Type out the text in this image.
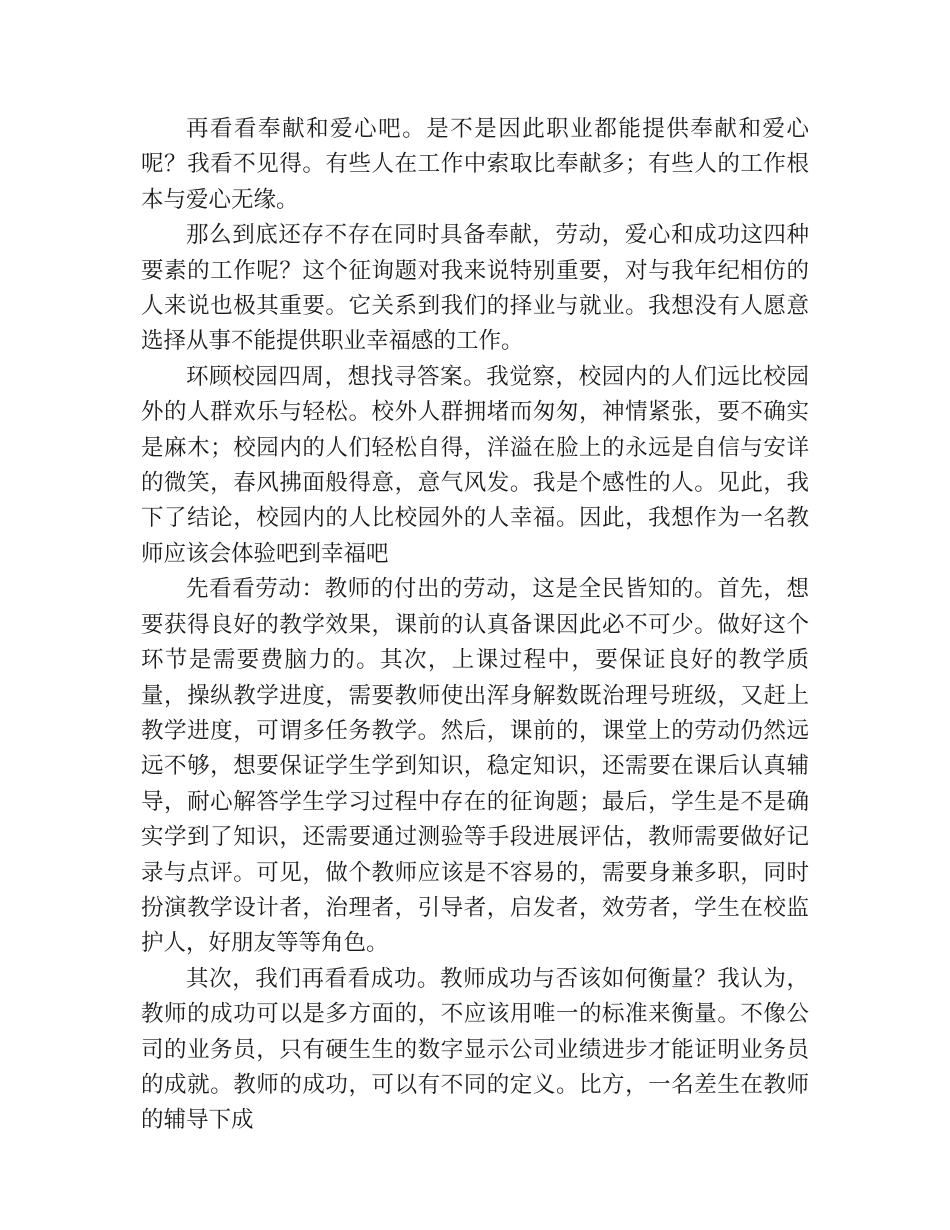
再看看奉献和爱心吧。是不是因此职业都能提供奉献和爱心呢？我看不见得。有些人在工作中索取比奉献多；有些人的工作根本与爱心无缘。

那么到底还存不存在同时具备奉献，劳动，爱心和成功这四种要素的工作呢？这个征询题对我来说特别重要，对与我年纪相仿的人来说也极其重要。它关系到我们的择业与就业。我想没有人愿意选择从事不能提供职业幸福感的工作。

环顾校园四周，想找寻答案。我觉察，校园内的人们远比校园外的人群欢乐与轻松。校外人群拥堵而匆匆，神情紧张，要不确实是麻木；校园内的人们轻松自得，洋溢在脸上的永远是自信与安详的微笑，春风拂面般得意，意气风发。我是个感性的人。见此，我下了结论，校园内的人比校园外的人幸福。因此，我想作为一名教师应该会体验吧到幸福吧

先看看劳动：教师的付出的劳动，这是全民皆知的。首先，想要获得良好的教学效果，课前的认真备课因此必不可少。做好这个环节是需要费脑力的。其次，上课过程中，要保证良好的教学质量，操纵教学进度，需要教师使出浑身解数既治理号班级，又赶上教学进度，可谓多任务教学。然后，课前的，课堂上的劳动仍然远远不够，想要保证学生学到知识，稳定知识，还需要在课后认真辅导，耐心解答学生学习过程中存在的征询题；最后，学生是不是确实学到了知识，还需要通过测验等手段进展评估，教师需要做好记录与点评。可见，做个教师应该是不容易的，需要身兼多职，同时扮演教学设计者，治理者，引导者，启发者，效劳者，学生在校监护人，好朋友等等角色。

其次，我们再看看成功。教师成功与否该如何衡量？我认为，教师的成功可以是多方面的，不应该用唯一的标准来衡量。不像公司的业务员，只有硬生生的数字显示公司业绩进步才能证明业务员的成就。教师的成功，可以有不同的定义。比方，一名差生在教师的辅导下成
